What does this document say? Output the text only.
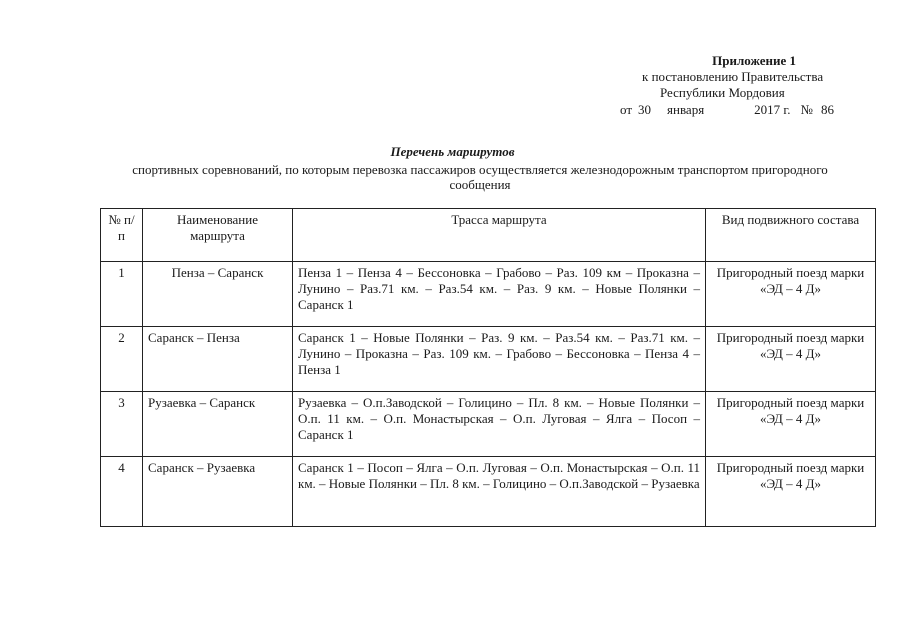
Приложение 1
к постановлению Правительства
Республики Мордовия
от 30 января	2017 г. № 86
Перечень маршрутов
спортивных соревнований, по которым перевозка пассажиров осуществляется железнодорожным транспортом пригородного сообщения
№ п/п	Наименование маршрута	Трасса маршрута	Вид подвижного состава
1	Пенза – Саранск	Пенза 1 – Пенза 4 – Бессоновка – Грабово – Раз. 109 км – Проказна – Лунино – Раз.71 км. – Раз.54 км. – Раз. 9 км. – Новые Полянки – Саранск 1	Пригородный поезд марки «ЭД – 4 Д»
2	Саранск – Пенза	Саранск 1 – Новые Полянки – Раз. 9 км. – Раз.54 км. – Раз.71 км. – Лунино – Проказна – Раз. 109 км. – Грабово – Бессоновка – Пенза 4 – Пенза 1	Пригородный поезд марки «ЭД – 4 Д»
3	Рузаевка – Саранск	Рузаевка – О.п.Заводской – Голицино – Пл. 8 км. – Новые Полянки – О.п. 11 км. – О.п. Монастырская – О.п. Луговая – Ялга – Посоп – Саранск 1	Пригородный поезд марки «ЭД – 4 Д»
4	Саранск – Рузаевка	Саранск 1 – Посоп – Ялга – О.п. Луговая – О.п. Монастырская – О.п. 11 км. – Новые Полянки – Пл. 8 км. – Голицино – О.п.Заводской – Рузаевка	Пригородный поезд марки «ЭД – 4 Д»
